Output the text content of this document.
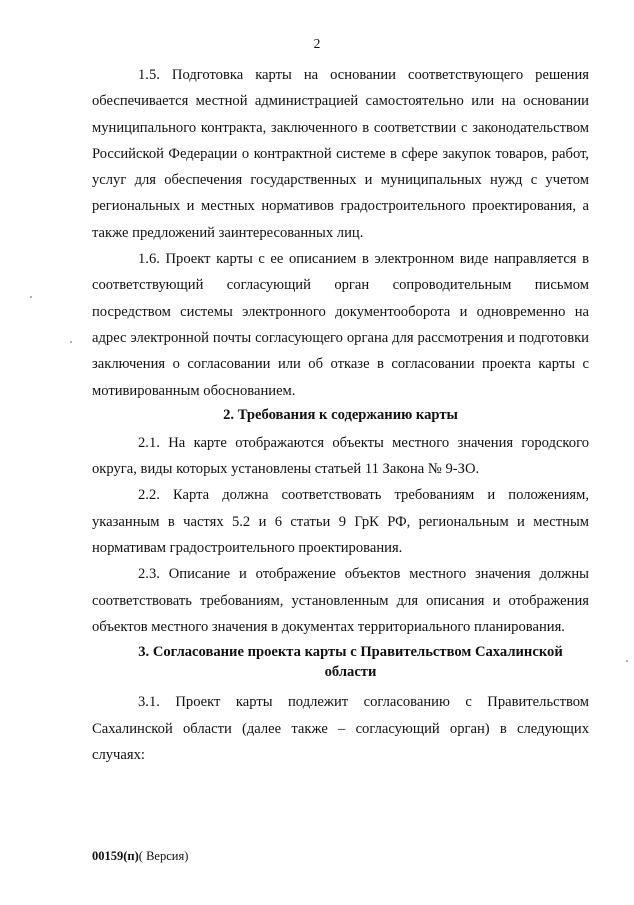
2

1.5. Подготовка карты на основании соответствующего решения обеспечивается местной администрацией самостоятельно или на основании муниципального контракта, заключенного в соответствии с законодательством Российской Федерации о контрактной системе в сфере закупок товаров, работ, услуг для обеспечения государственных и муниципальных нужд с учетом региональных и местных нормативов градостроительного проектирования, а также предложений заинтересованных лиц.

1.6. Проект карты с ее описанием в электронном виде направляется в соответствующий согласующий орган сопроводительным письмом посредством системы электронного документооборота и одновременно на адрес электронной почты согласующего органа для рассмотрения и подготовки заключения о согласовании или об отказе в согласовании проекта карты с мотивированным обоснованием.

2. Требования к содержанию карты

2.1. На карте отображаются объекты местного значения городского округа, виды которых установлены статьей 11 Закона № 9-ЗО.

2.2. Карта должна соответствовать требованиям и положениям, указанным в частях 5.2 и 6 статьи 9 ГрК РФ, региональным и местным нормативам градостроительного проектирования.

2.3. Описание и отображение объектов местного значения должны соответствовать требованиям, установленным для описания и отображения объектов местного значения в документах территориального планирования.

3. Согласование проекта карты с Правительством Сахалинской
области

3.1. Проект карты подлежит согласованию с Правительством Сахалинской области (далее также – согласующий орган) в следующих случаях:

00159(п)( Версия)
